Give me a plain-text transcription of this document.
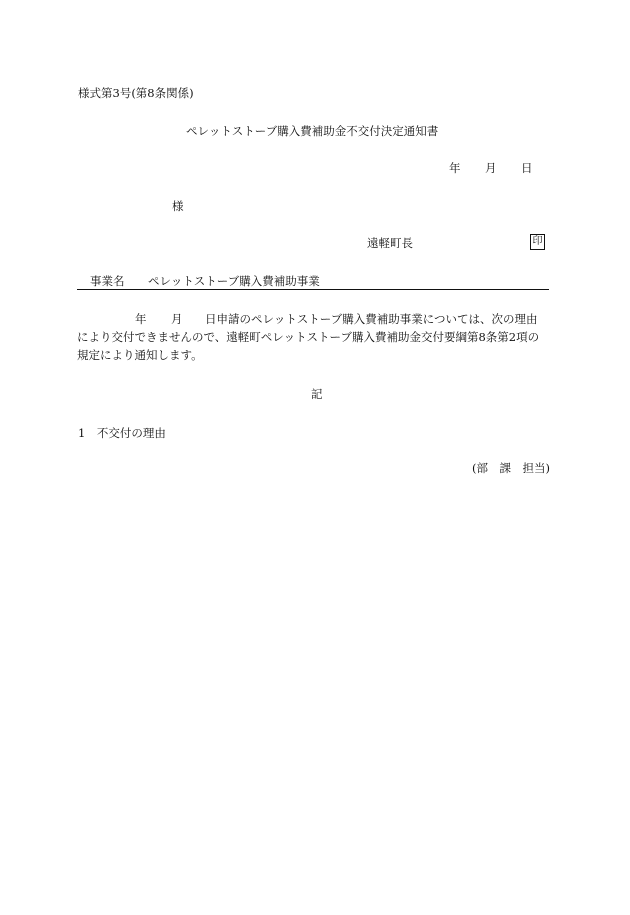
様式第3号(第8条関係)
ペレットストーブ購入費補助金不交付決定通知書
年 月 日
様
遠軽町長	印
事業名 ペレットストーブ購入費補助事業
年 月 日申請のペレットストーブ購入費補助事業については、次の理由
により交付できませんので、遠軽町ペレットストーブ購入費補助金交付要綱第8条第2項の
規定により通知します。
記
1　不交付の理由
(部　課　担当)
